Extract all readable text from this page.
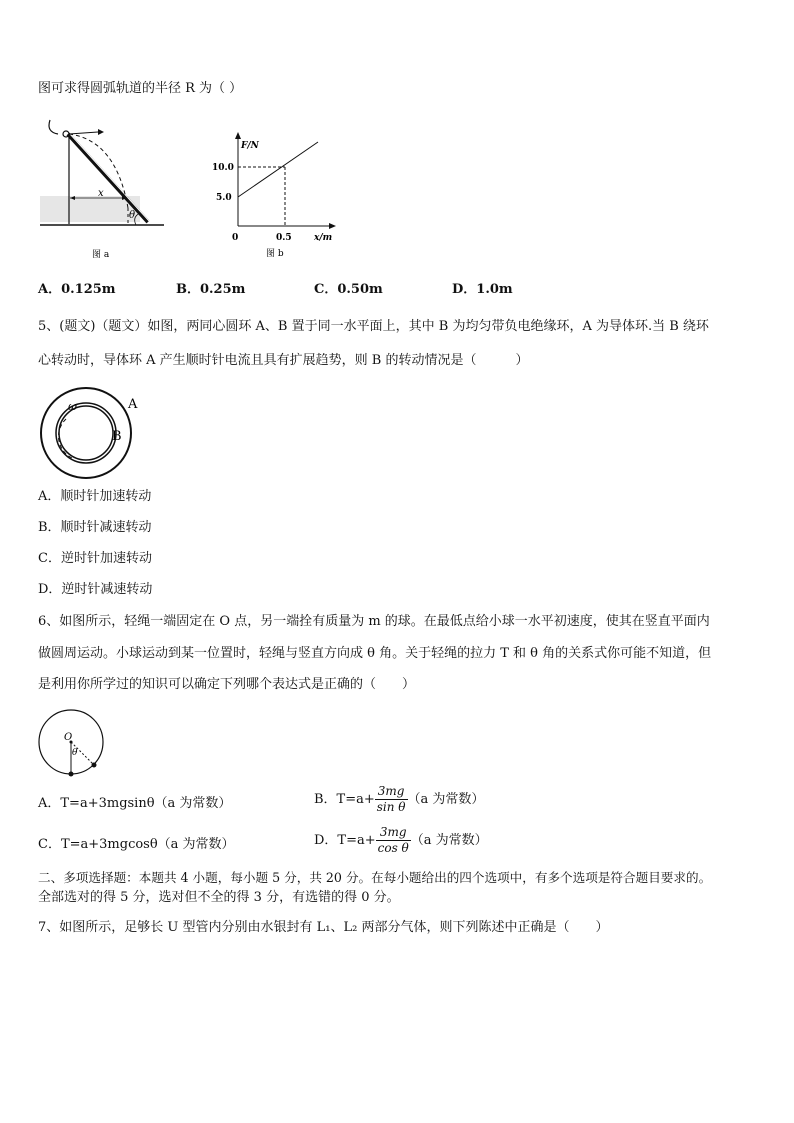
图可求得圆弧轨道的半径 R 为（ ）
x
θ
图 a
F/N
10.0
5.0
0	0.5 x/m
图 b
A．0.125m	B．0.25m	C．0.50m	D．1.0m
5、(题文)（题文）如图，两同心圆环 A、B 置于同一水平面上，其中 B 为均匀带负电绝缘环，A 为导体环.当 B 绕环
心转动时，导体环 A 产生顺时针电流且具有扩展趋势，则 B 的转动情况是（　　　）
A
B
ω
A．顺时针加速转动
B．顺时针减速转动
C．逆时针加速转动
D．逆时针减速转动
6、如图所示，轻绳一端固定在 O 点，另一端拴有质量为 m 的球。在最低点给小球一水平初速度，使其在竖直平面内
做圆周运动。小球运动到某一位置时，轻绳与竖直方向成 θ 角。关于轻绳的拉力 T 和 θ 角的关系式你可能不知道，但
是利用你所学过的知识可以确定下列哪个表达式是正确的（　　）
O
θ
A．T=a+3mgsinθ（a 为常数）	B．$T=a+ \frac{3mg}{\text{sin θ}} (a$ 为常数）
C．T=a+3mgcosθ（a 为常数）	D．$T=a+ \frac{3mg}{\text{cos θ}} (a$ 为常数）
二、多项选择题：本题共 4 小题，每小题 5 分，共 20 分。在每小题给出的四个选项中，有多个选项是符合题目要求的。
全部选对的得 5 分，选对但不全的得 3 分，有选错的得 0 分。
7、如图所示，足够长 U 型管内分别由水银封有 L₁、L₂ 两部分气体，则下列陈述中正确是（　　）
